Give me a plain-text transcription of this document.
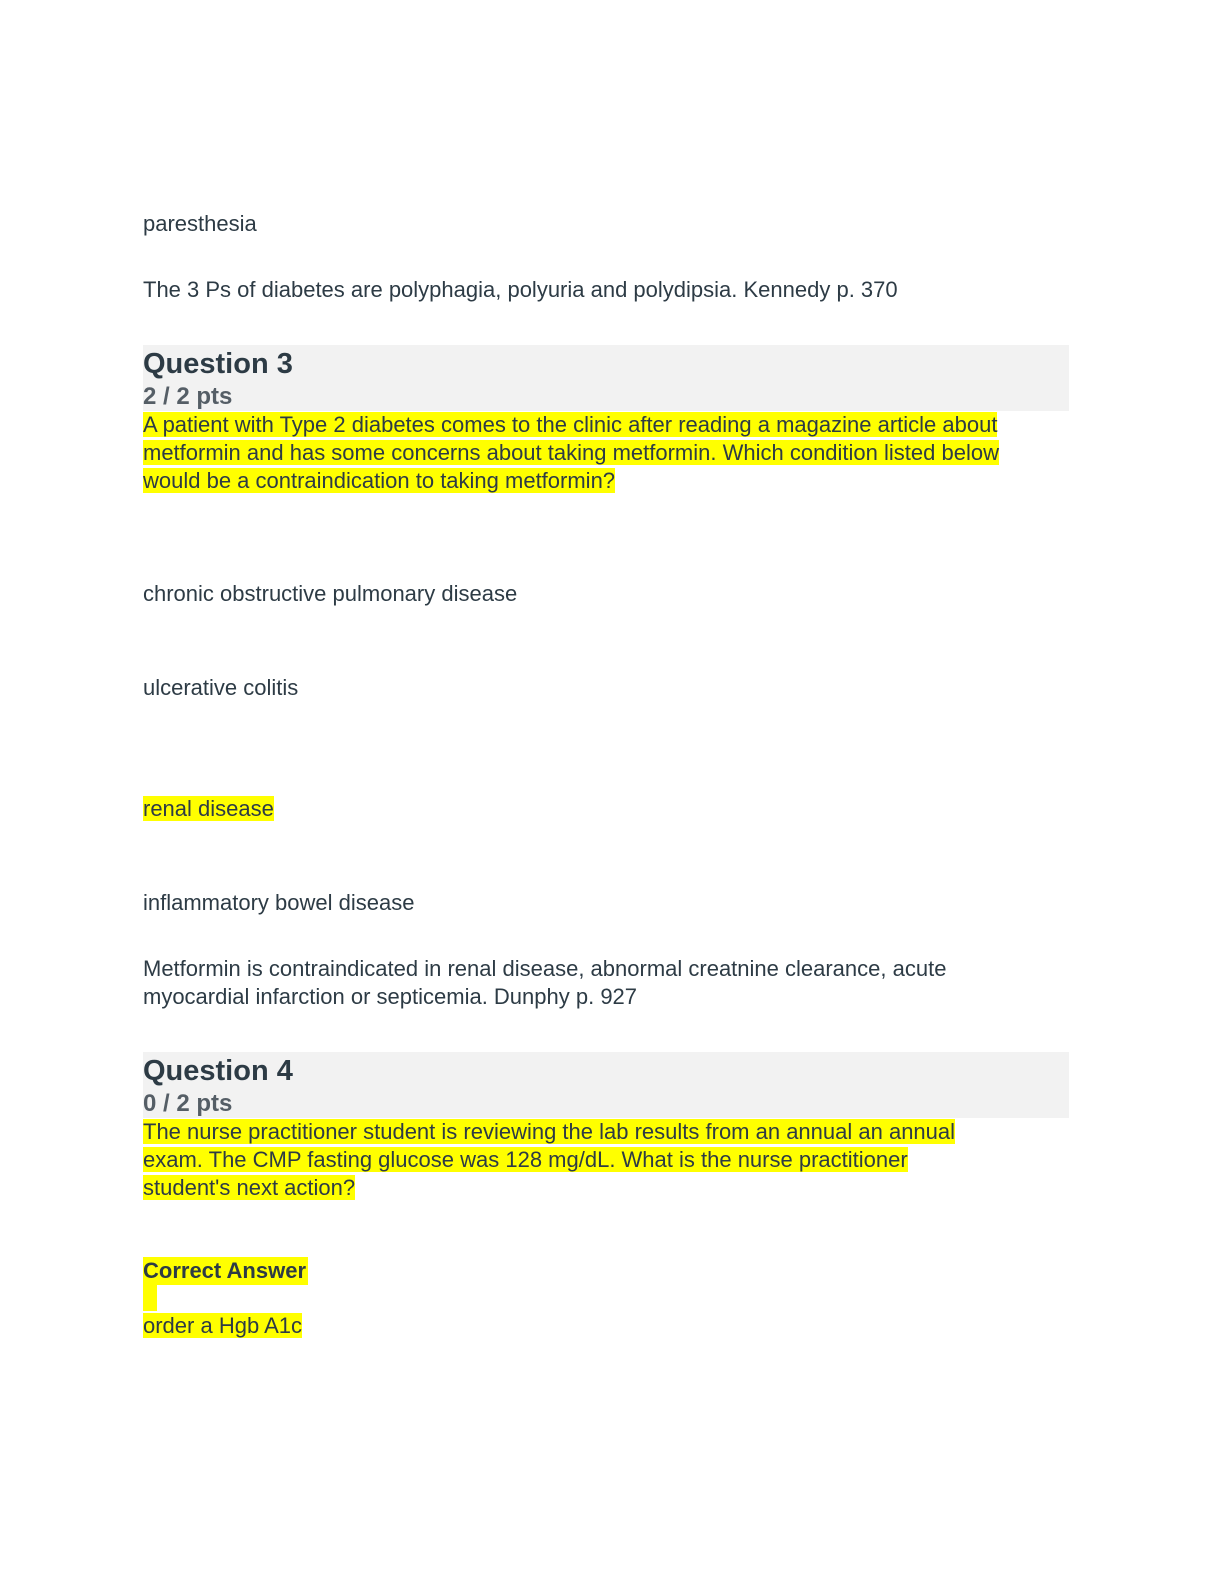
paresthesia
The 3 Ps of diabetes are polyphagia, polyuria and polydipsia. Kennedy p. 370
Question 3
2 / 2 pts
A patient with Type 2 diabetes comes to the clinic after reading a magazine article about
metformin and has some concerns about taking metformin. Which condition listed below
would be a contraindication to taking metformin?
chronic obstructive pulmonary disease
ulcerative colitis
renal disease
inflammatory bowel disease
Metformin is contraindicated in renal disease, abnormal creatnine clearance, acute
myocardial infarction or septicemia. Dunphy p. 927
Question 4
0 / 2 pts
The nurse practitioner student is reviewing the lab results from an annual an annual
exam. The CMP fasting glucose was 128 mg/dL. What is the nurse practitioner
student's next action?
Correct Answer
order a Hgb A1c
